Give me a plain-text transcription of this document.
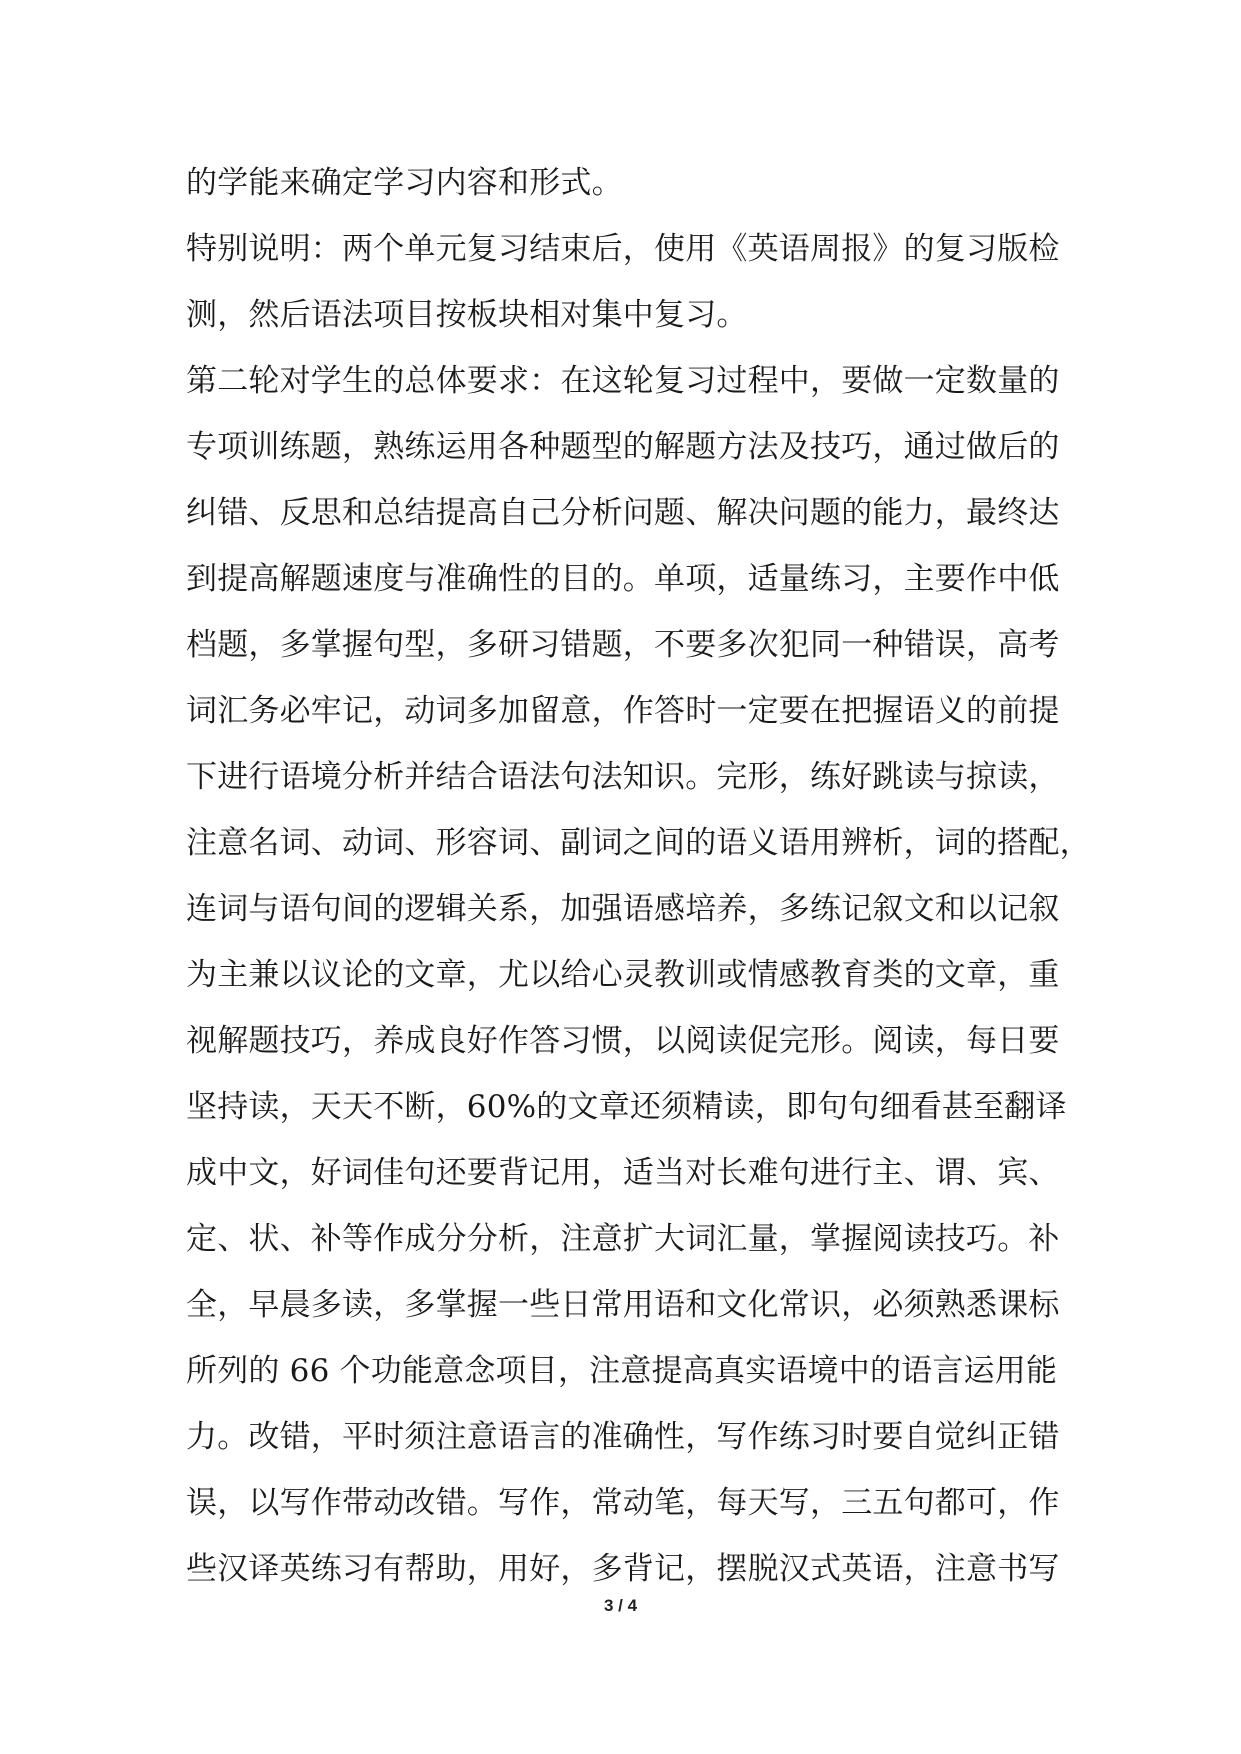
的学能来确定学习内容和形式。
特别说明：两个单元复习结束后，使用《英语周报》的复习版检
测，然后语法项目按板块相对集中复习。
第二轮对学生的总体要求：在这轮复习过程中，要做一定数量的
专项训练题，熟练运用各种题型的解题方法及技巧，通过做后的
纠错、反思和总结提高自己分析问题、解决问题的能力，最终达
到提高解题速度与准确性的目的。单项，适量练习，主要作中低
档题，多掌握句型，多研习错题，不要多次犯同一种错误，高考
词汇务必牢记，动词多加留意，作答时一定要在把握语义的前提
下进行语境分析并结合语法句法知识。完形，练好跳读与掠读，
注意名词、动词、形容词、副词之间的语义语用辨析，词的搭配，
连词与语句间的逻辑关系，加强语感培养，多练记叙文和以记叙
为主兼以议论的文章，尤以给心灵教训或情感教育类的文章，重
视解题技巧，养成良好作答习惯，以阅读促完形。阅读，每日要
坚持读，天天不断，60%的文章还须精读，即句句细看甚至翻译
成中文，好词佳句还要背记用，适当对长难句进行主、谓、宾、
定、状、补等作成分分析，注意扩大词汇量，掌握阅读技巧。补
全，早晨多读，多掌握一些日常用语和文化常识，必须熟悉课标
所列的 66 个功能意念项目，注意提高真实语境中的语言运用能
力。改错，平时须注意语言的准确性，写作练习时要自觉纠正错
误，以写作带动改错。写作，常动笔，每天写，三五句都可，作
些汉译英练习有帮助，用好，多背记，摆脱汉式英语，注意书写
3 / 4
